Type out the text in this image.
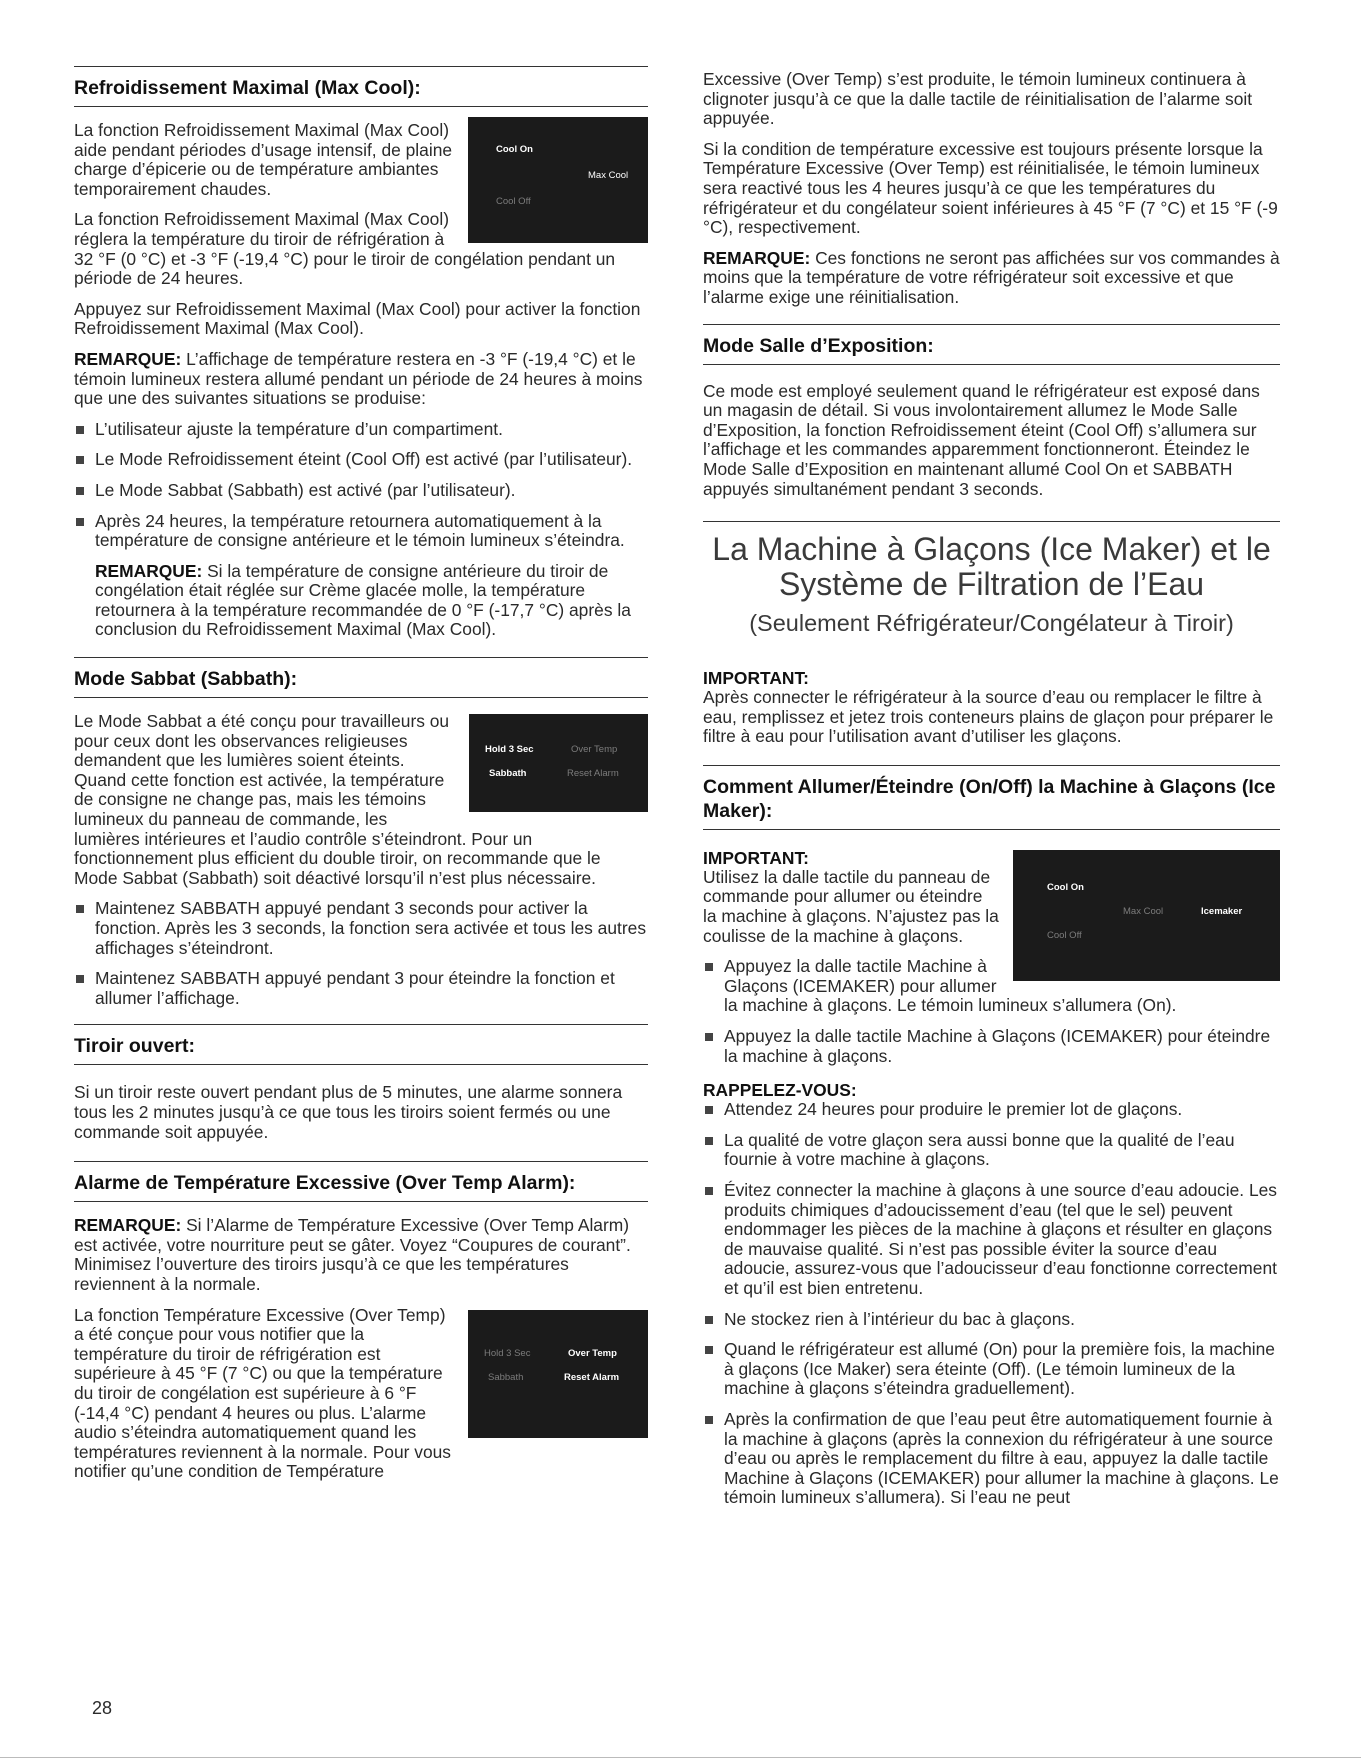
Refroidissement Maximal (Max Cool):
Cool On
Max Cool
Cool Off

La fonction Refroidissement Maximal (Max Cool) aide pendant périodes d’usage intensif, de plaine charge d’épicerie ou de température ambiantes temporairement chaudes.

La fonction Refroidissement Maximal (Max Cool) réglera la température du tiroir de réfrigération à 32 °F (0 °C) et -3 °F (-19,4 °C) pour le tiroir de congélation pendant un période de 24 heures.

Appuyez sur Refroidissement Maximal (Max Cool) pour activer la fonction Refroidissement Maximal (Max Cool).

REMARQUE: L’affichage de température restera en -3 °F (-19,4 °C) et le témoin lumineux restera allumé pendant un période de 24 heures à moins que une des suivantes situations se produise:

L’utilisateur ajuste la température d’un compartiment.
Le Mode Refroidissement éteint (Cool Off) est activé (par l’utilisateur).
Le Mode Sabbat (Sabbath) est activé (par l’utilisateur).
Après 24 heures, la température retournera automatiquement à la température de consigne antérieure et le témoin lumineux s’éteindra.

REMARQUE: Si la température de consigne antérieure du tiroir de congélation était réglée sur Crème glacée molle, la température retournera à la température recommandée de 0 °F (-17,7 °C) après la conclusion du Refroidissement Maximal (Max Cool).

Mode Sabbat (Sabbath):
Hold 3 Sec	Over Temp
Sabbath	Reset Alarm

Le Mode Sabbat a été conçu pour travailleurs ou pour ceux dont les observances religieuses demandent que les lumières soient éteints.

Quand cette fonction est activée, la température de consigne ne change pas, mais les témoins lumineux du panneau de commande, les lumières intérieures et l’audio contrôle s’éteindront. Pour un fonctionnement plus efficient du double tiroir, on recommande que le Mode Sabbat (Sabbath) soit déactivé lorsqu’il n’est plus nécessaire.

Maintenez SABBATH appuyé pendant 3 seconds pour activer la fonction. Après les 3 seconds, la fonction sera activée et tous les autres affichages s’éteindront.
Maintenez SABBATH appuyé pendant 3 pour éteindre la fonction et allumer l’affichage.
Tiroir ouvert:

Si un tiroir reste ouvert pendant plus de 5 minutes, une alarme sonnera tous les 2 minutes jusqu’à ce que tous les tiroirs soient fermés ou une commande soit appuyée.

Alarme de Température Excessive (Over Temp Alarm):

REMARQUE: Si l’Alarme de Température Excessive (Over Temp Alarm) est activée, votre nourriture peut se gâter. Voyez “Coupures de courant”. Minimisez l’ouverture des tiroirs jusqu’à ce que les températures reviennent à la normale.

Hold 3 Sec	Over Temp
Sabbath	Reset Alarm

La fonction Température Excessive (Over Temp) a été conçue pour vous notifier que la température du tiroir de réfrigération est supérieure à 45 °F (7 °C) ou que la température du tiroir de congélation est supérieure à 6 °F (-14,4 °C) pendant 4 heures ou plus. L’alarme audio s’éteindra automatiquement quand les températures reviennent à la normale. Pour vous notifier qu’une condition de Température

Excessive (Over Temp) s’est produite, le témoin lumineux continuera à clignoter jusqu’à ce que la dalle tactile de réinitialisation de l’alarme soit appuyée.

Si la condition de température excessive est toujours présente lorsque la Température Excessive (Over Temp) est réinitialisée, le témoin lumineux sera reactivé tous les 4 heures jusqu’à ce que les températures du réfrigérateur et du congélateur soient inférieures à 45 °F (7 °C) et 15 °F (-9 °C), respectivement.

REMARQUE: Ces fonctions ne seront pas affichées sur vos commandes à moins que la température de votre réfrigérateur soit excessive et que l’alarme exige une réinitialisation.

Mode Salle d’Exposition:

Ce mode est employé seulement quand le réfrigérateur est exposé dans un magasin de détail. Si vous involontairement allumez le Mode Salle d’Exposition, la fonction Refroidissement éteint (Cool Off) s’allumera sur l’affichage et les commandes apparemment fonctionneront. Éteindez le Mode Salle d’Exposition en maintenant allumé Cool On et SABBATH appuyés simultanément pendant 3 seconds.

La Machine à Glaçons (Ice Maker) et le
Système de Filtration de l’Eau
(Seulement Réfrigérateur/Congélateur à Tiroir)
IMPORTANT:

Après connecter le réfrigérateur à la source d’eau ou remplacer le filtre à eau, remplissez et jetez trois conteneurs plains de glaçon pour préparer le filtre à eau pour l’utilisation avant d’utiliser les glaçons.

Comment Allumer/Éteindre (On/Off) la Machine à Glaçons (Ice Maker):
Cool On
Max Cool	Icemaker
Cool Off
IMPORTANT:

Utilisez la dalle tactile du panneau de commande pour allumer ou éteindre la machine à glaçons. N’ajustez pas la coulisse de la machine à glaçons.

Appuyez la dalle tactile Machine à Glaçons (ICEMAKER) pour allumer la machine à glaçons. Le témoin lumineux s’allumera (On).
Appuyez la dalle tactile Machine à Glaçons (ICEMAKER) pour éteindre la machine à glaçons.
RAPPELEZ-VOUS:
Attendez 24 heures pour produire le premier lot de glaçons.
La qualité de votre glaçon sera aussi bonne que la qualité de l’eau fournie à votre machine à glaçons.
Évitez connecter la machine à glaçons à une source d’eau adoucie. Les produits chimiques d’adoucissement d’eau (tel que le sel) peuvent endommager les pièces de la machine à glaçons et résulter en glaçons de mauvaise qualité. Si n’est pas possible éviter la source d’eau adoucie, assurez-vous que l’adoucisseur d’eau fonctionne correctement et qu’il est bien entretenu.
Ne stockez rien à l’intérieur du bac à glaçons.
Quand le réfrigérateur est allumé (On) pour la première fois, la machine à glaçons (Ice Maker) sera éteinte (Off). (Le témoin lumineux de la machine à glaçons s’éteindra graduellement).
Après la confirmation de que l’eau peut être automatiquement fournie à la machine à glaçons (après la connexion du réfrigérateur à une source d’eau ou après le remplacement du filtre à eau, appuyez la dalle tactile Machine à Glaçons (ICEMAKER) pour allumer la machine à glaçons. Le témoin lumineux s’allumera). Si l’eau ne peut
28
